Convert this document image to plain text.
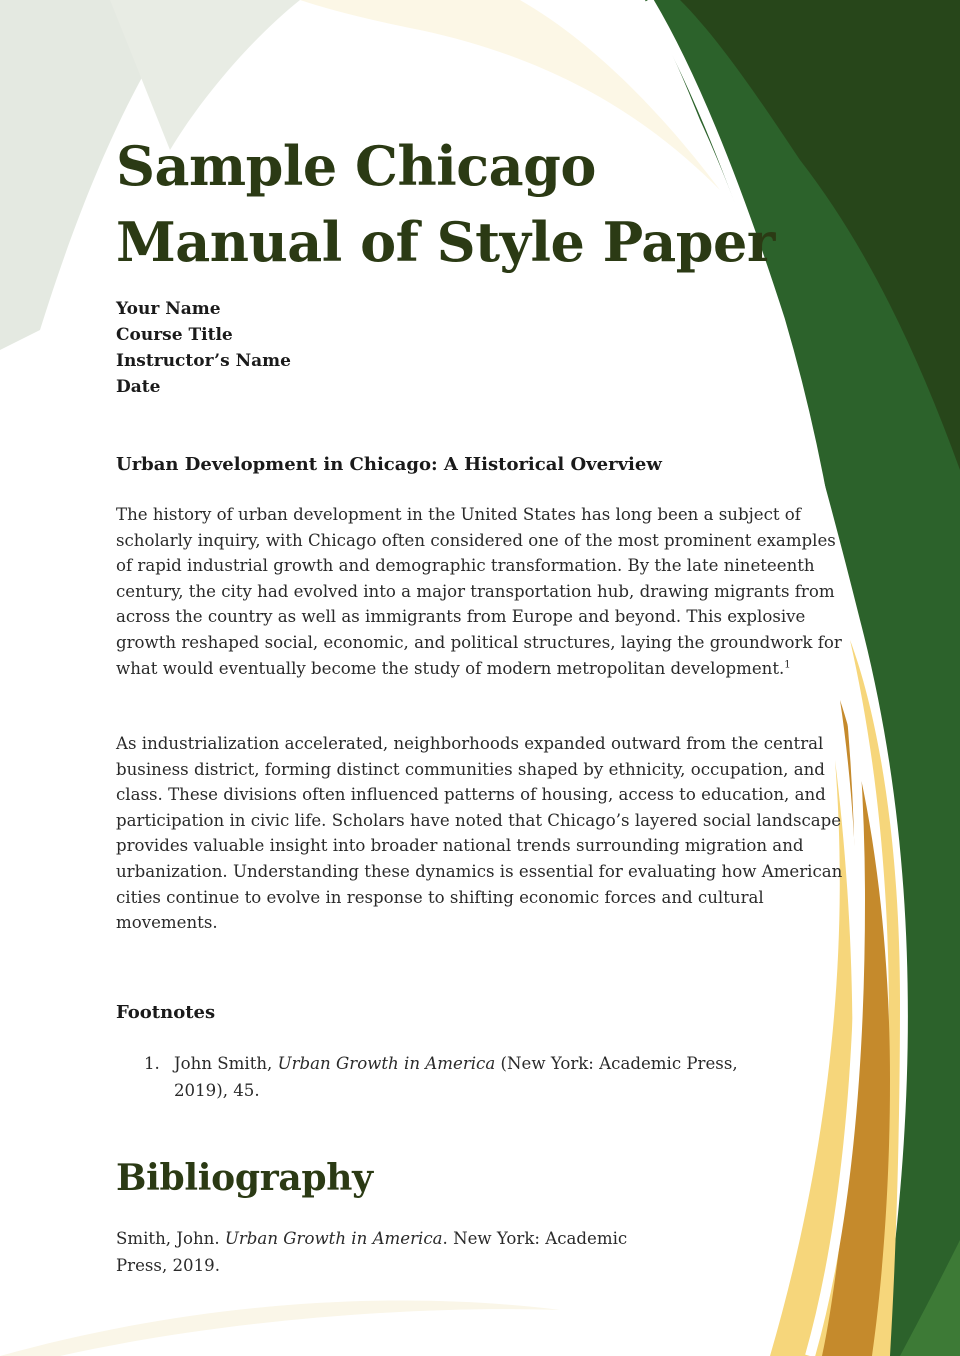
Sample Chicago
Manual of Style Paper
Your Name
Course Title
Instructor’s Name
Date
Urban Development in Chicago: A Historical Overview

The history of urban development in the United States has long been a subject of scholarly inquiry, with Chicago often considered one of the most prominent examples of rapid industrial growth and demographic transformation. By the late nineteenth century, the city had evolved into a major transportation hub, drawing migrants from across the country as well as immigrants from Europe and beyond. This explosive growth reshaped social, economic, and political structures, laying the groundwork for what would eventually become the study of modern metropolitan development.$^1$

As industrialization accelerated, neighborhoods expanded outward from the central business district, forming distinct communities shaped by ethnicity, occupation, and class. These divisions often influenced patterns of housing, access to education, and participation in civic life. Scholars have noted that Chicago’s layered social landscape provides valuable insight into broader national trends surrounding migration and urbanization. Understanding these dynamics is essential for evaluating how American cities continue to evolve in response to shifting economic forces and cultural movements.

Footnotes
1. John Smith, Urban Growth in America (New York: Academic Press, 2019), 45.
Bibliography
Smith, John. Urban Growth in America. New York: Academic Press, 2019.
